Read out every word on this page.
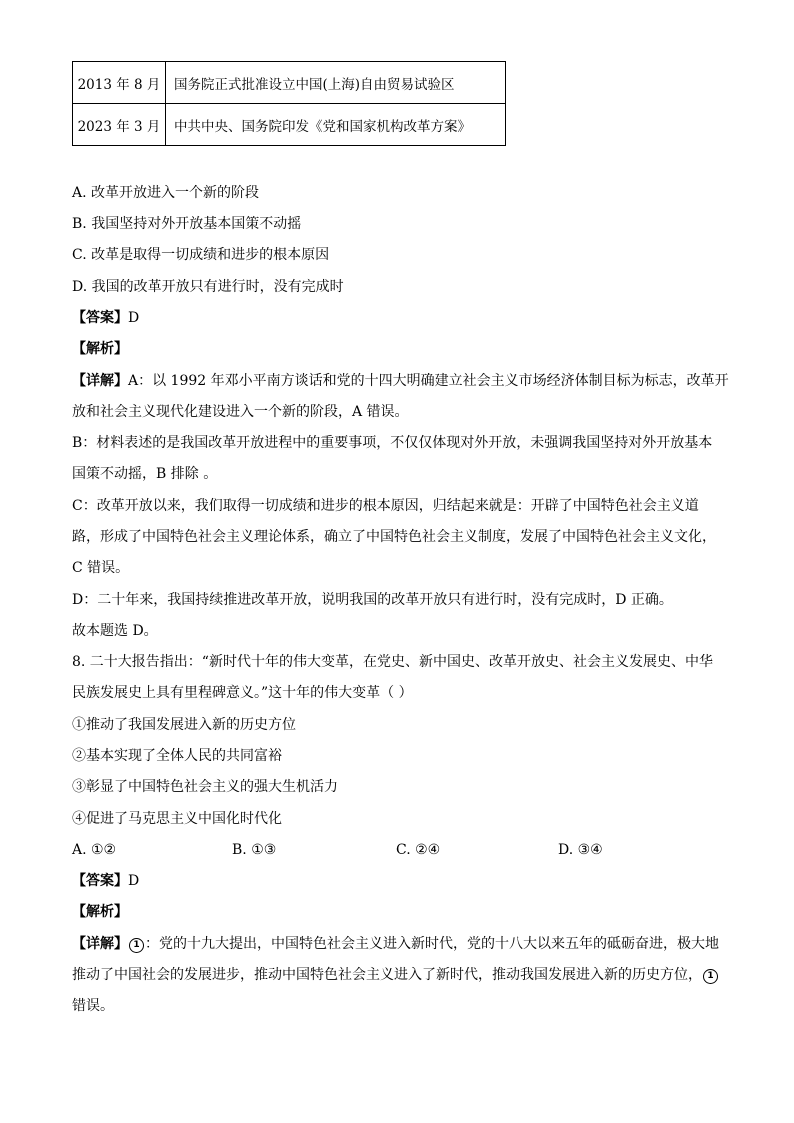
2013 年 8 月	国务院正式批准设立中国(上海)自由贸易试验区
2023 年 3 月	中共中央、国务院印发《党和国家机构改革方案》
A. 改革开放进入一个新的阶段
B. 我国坚持对外开放基本国策不动摇
C. 改革是取得一切成绩和进步的根本原因
D. 我国的改革开放只有进行时，没有完成时
【答案】D
【解析】
【详解】A：以 1992 年邓小平南方谈话和党的十四大明确建立社会主义市场经济体制目标为标志，改革开
放和社会主义现代化建设进入一个新的阶段，A 错误。
B：材料表述的是我国改革开放进程中的重要事项，不仅仅体现对外开放，未强调我国坚持对外开放基本
国策不动摇，B 排除 。
C：改革开放以来，我们取得一切成绩和进步的根本原因，归结起来就是：开辟了中国特色社会主义道
路，形成了中国特色社会主义理论体系，确立了中国特色社会主义制度，发展了中国特色社会主义文化，
C 错误。
D：二十年来，我国持续推进改革开放，说明我国的改革开放只有进行时，没有完成时，D 正确。
故本题选 D。
8. 二十大报告指出：“新时代十年的伟大变革，在党史、新中国史、改革开放史、社会主义发展史、中华
民族发展史上具有里程碑意义。”这十年的伟大变革（ ）
①推动了我国发展进入新的历史方位
②基本实现了全体人民的共同富裕
③彰显了中国特色社会主义的强大生机活力
④促进了马克思主义中国化时代化
A. ①②	B. ①③	C. ②④	D. ③④
【答案】D
【解析】
【详解】 1 ：党的十九大提出，中国特色社会主义进入新时代，党的十八大以来五年的砥砺奋进，极大地
推动了中国社会的发展进步，推动中国特色社会主义进入了新时代，推动我国发展进入新的历史方位， 1
错误。
